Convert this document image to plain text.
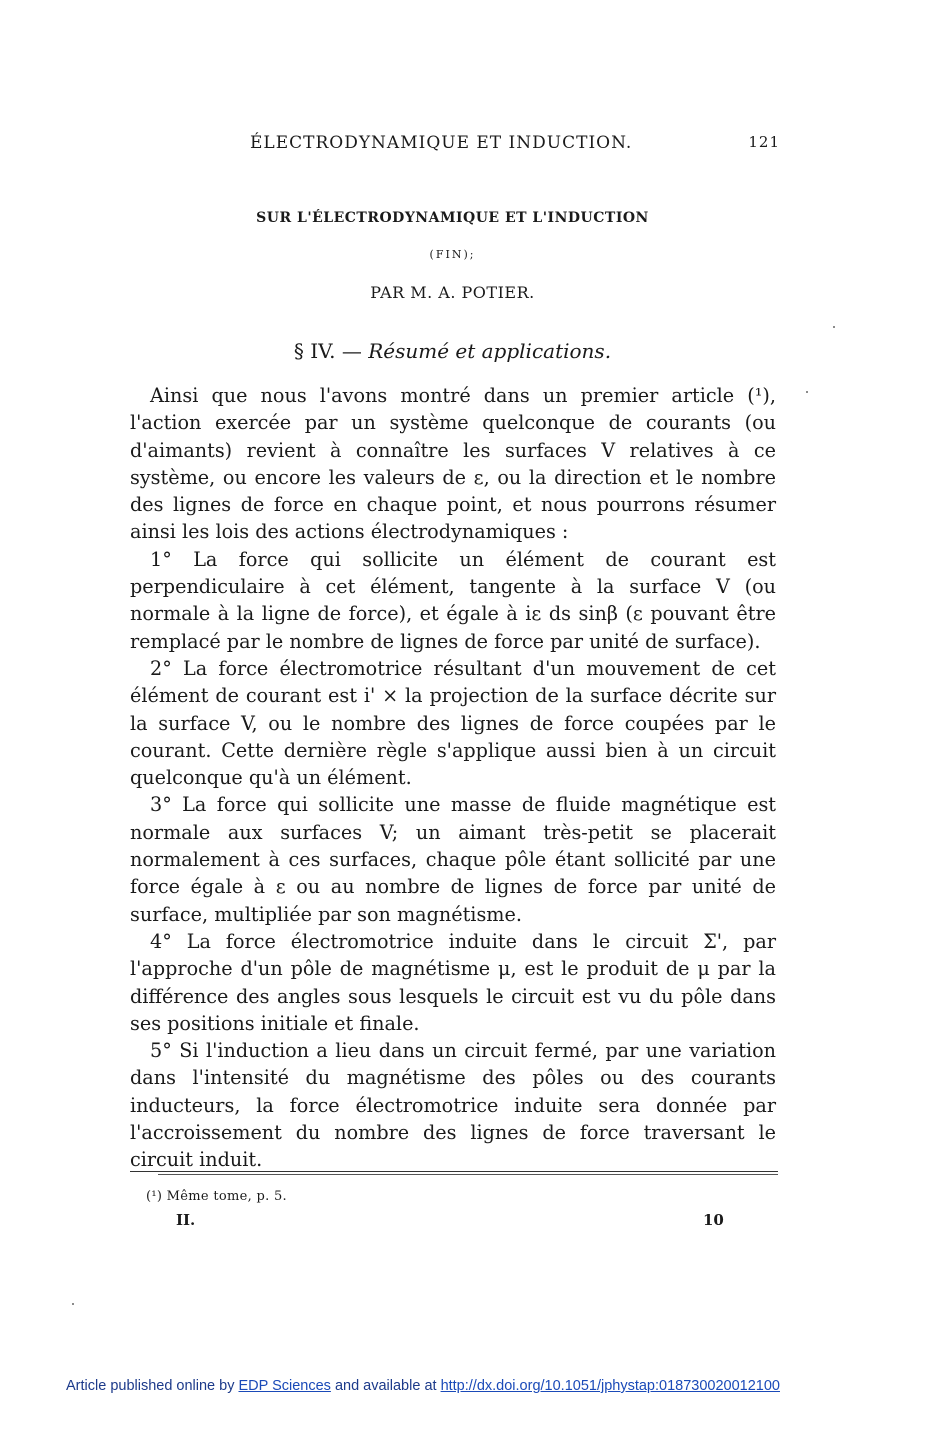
ÉLECTRODYNAMIQUE ET INDUCTION.	121
SUR L'ÉLECTRODYNAMIQUE ET L'INDUCTION
(FIN);
PAR M. A. POTIER.
§ IV. — Résumé et applications.

Ainsi que nous l'avons montré dans un premier article (¹), l'action exercée par un système quelconque de courants (ou d'aimants) revient à connaître les surfaces V relatives à ce système, ou encore les valeurs de ε, ou la direction et le nombre des lignes de force en chaque point, et nous pourrons résumer ainsi les lois des actions électrodynamiques :

1° La force qui sollicite un élément de courant est perpendiculaire à cet élément, tangente à la surface V (ou normale à la ligne de force), et égale à iε ds sinβ (ε pouvant être remplacé par le nombre de lignes de force par unité de surface).

2° La force électromotrice résultant d'un mouvement de cet élément de courant est i' × la projection de la surface décrite sur la surface V, ou le nombre des lignes de force coupées par le courant. Cette dernière règle s'applique aussi bien à un circuit quelconque qu'à un élément.

3° La force qui sollicite une masse de fluide magnétique est normale aux surfaces V; un aimant très-petit se placerait normalement à ces surfaces, chaque pôle étant sollicité par une force égale à ε ou au nombre de lignes de force par unité de surface, multipliée par son magnétisme.

4° La force électromotrice induite dans le circuit Σ', par l'approche d'un pôle de magnétisme μ, est le produit de μ par la différence des angles sous lesquels le circuit est vu du pôle dans ses positions initiale et finale.

5° Si l'induction a lieu dans un circuit fermé, par une variation dans l'intensité du magnétisme des pôles ou des courants inducteurs, la force électromotrice induite sera donnée par l'accroissement du nombre des lignes de force traversant le circuit induit.

(¹) Même tome, p. 5.
II.	10
Article published online by EDP Sciences and available at http://dx.doi.org/10.1051/jphystap:018730020012100
